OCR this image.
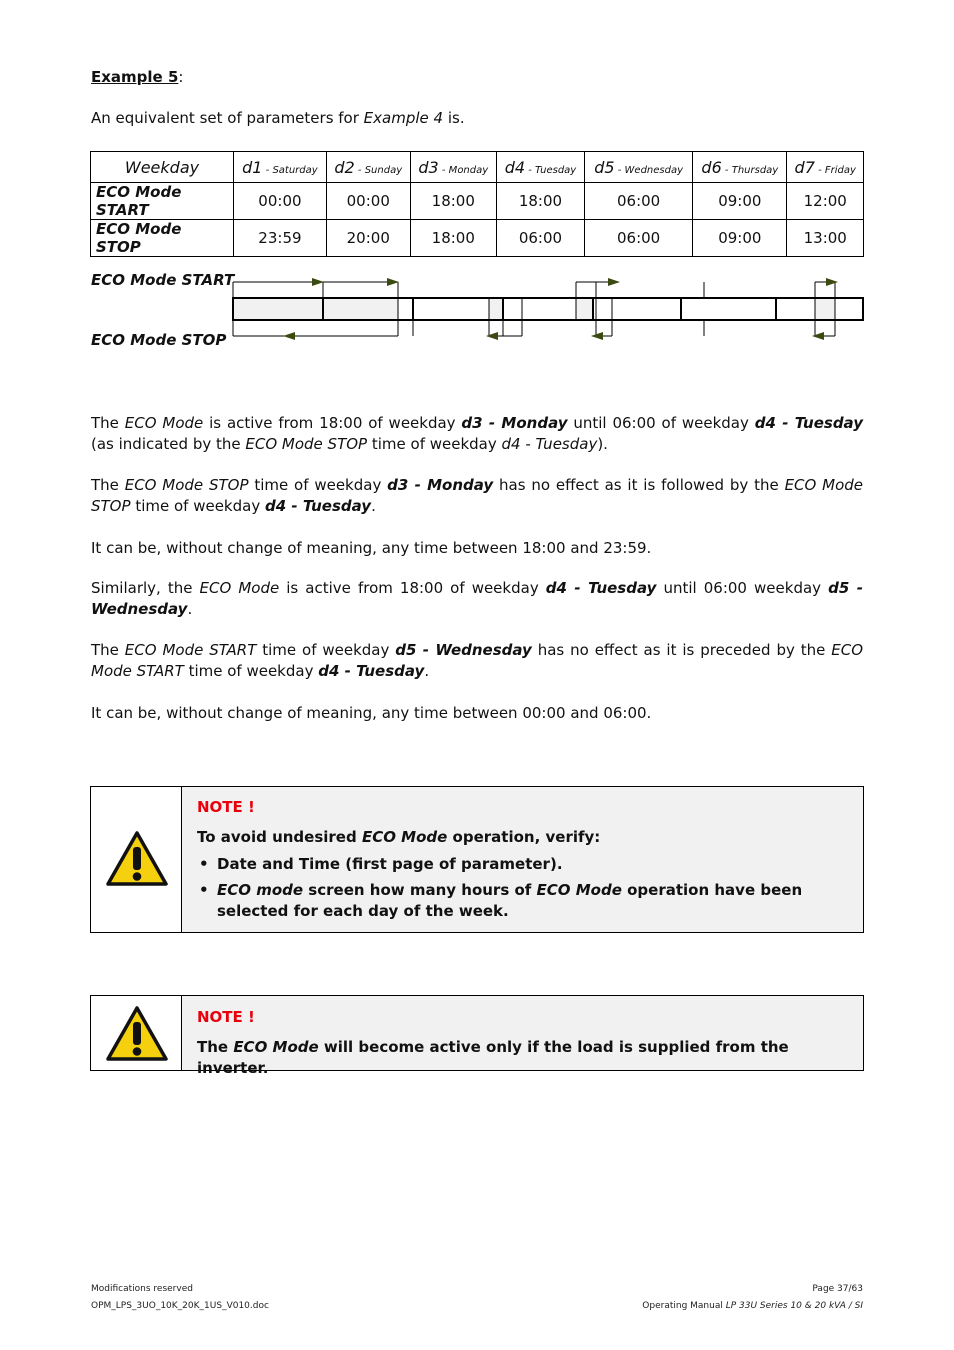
Example 5:
An equivalent set of parameters for Example 4 is.
Weekday	d1 - Saturday	d2 - Sunday	d3 - Monday	d4 - Tuesday	d5 - Wednesday	d6 - Thursday	d7 - Friday
ECO Mode START	00:00	00:00	18:00	18:00	06:00	09:00	12:00
ECO Mode STOP	23:59	20:00	18:00	06:00	06:00	09:00	13:00
ECO Mode START
ECO Mode STOP
The ECO Mode is active from 18:00 of weekday d3 - Monday until 06:00 of weekday d4 - Tuesday (as indicated by the ECO Mode STOP time of weekday d4 - Tuesday).
The ECO Mode STOP time of weekday d3 - Monday has no effect as it is followed by the ECO Mode STOP time of weekday d4 - Tuesday.
It can be, without change of meaning, any time between 18:00 and 23:59.
Similarly, the ECO Mode is active from 18:00 of weekday d4 - Tuesday until 06:00 weekday d5 - Wednesday.
The ECO Mode START time of weekday d5 - Wednesday has no effect as it is preceded by the ECO Mode START time of weekday d4 - Tuesday.
It can be, without change of meaning, any time between 00:00 and 06:00.
NOTE !
To avoid undesired ECO Mode operation, verify:
• Date and Time (first page of parameter).
• ECO mode screen how many hours of ECO Mode operation have been selected for each day of the week.
NOTE !
The ECO Mode will become active only if the load is supplied from the inverter.
Modifications reserved
OPM_LPS_3UO_10K_20K_1US_V010.doc
Page 37/63
Operating Manual LP 33U Series 10 & 20 kVA / SI
